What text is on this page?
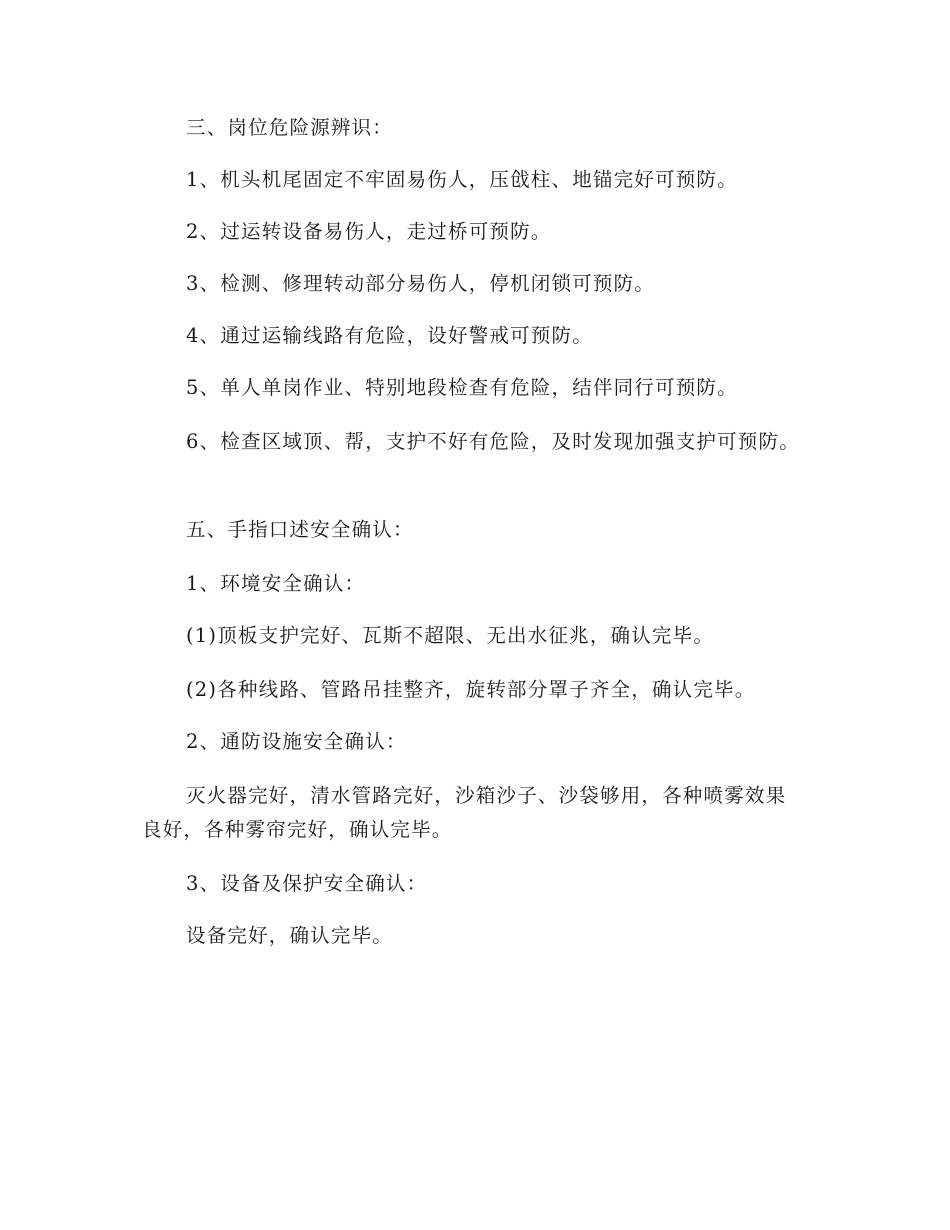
三、岗位危险源辨识：

1、机头机尾固定不牢固易伤人，压戗柱、地锚完好可预防。

2、过运转设备易伤人，走过桥可预防。

3、检测、修理转动部分易伤人，停机闭锁可预防。

4、通过运输线路有危险，设好警戒可预防。

5、单人单岗作业、特别地段检查有危险，结伴同行可预防。

6、检查区域顶、帮，支护不好有危险，及时发现加强支护可预防。

五、手指口述安全确认：

1、环境安全确认：

(1)顶板支护完好、瓦斯不超限、无出水征兆，确认完毕。

(2)各种线路、管路吊挂整齐，旋转部分罩子齐全，确认完毕。

2、通防设施安全确认：

灭火器完好，清水管路完好，沙箱沙子、沙袋够用，各种喷雾效果良好，各种雾帘完好，确认完毕。

3、设备及保护安全确认：

设备完好，确认完毕。
